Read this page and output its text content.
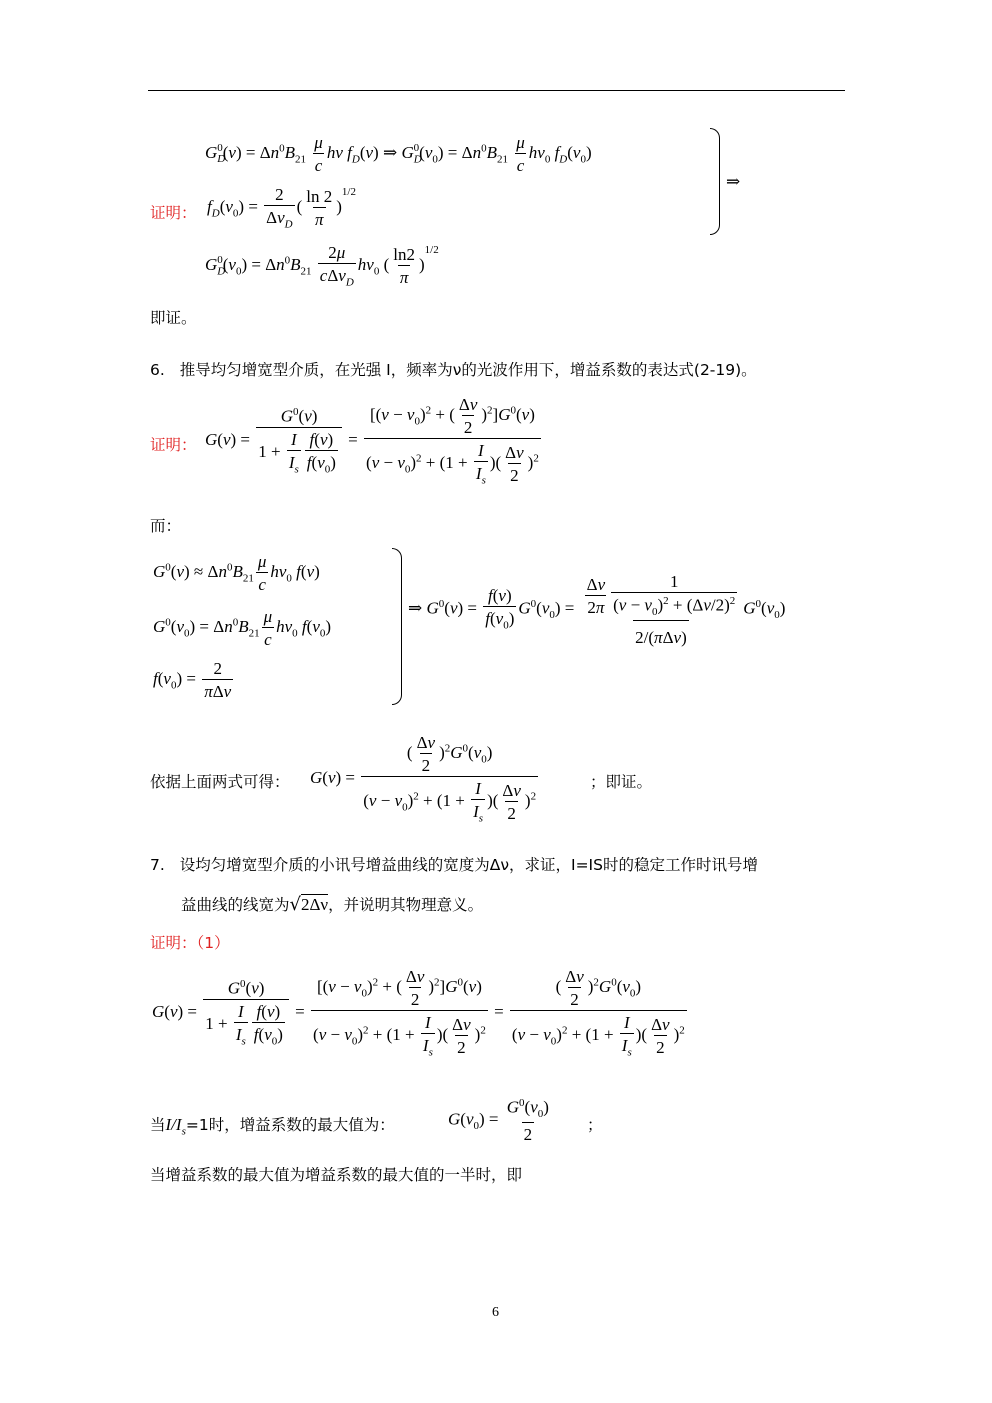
$G_D^0(\nu) = \Delta n^0B_{21} \frac{\mu}{c}$ hν $f_D(\nu)$ ⇒ $G_D^0(\nu_0) = \Delta n^0B_{21} \frac{\mu}{c} h\nu_0$ $f_D(\nu_0)$
证明： $f_D(\nu_0) = \frac{2}{\Delta\nu_D}$ ( $\frac{\ln 2}{\pi} )^{1/2}$
⇒
$G_D^0(\nu_0) = \Delta n^0B_{21} \frac{2\mu}{c\Delta\nu_D} h\nu_0$ ( $\frac{\ln 2}{\pi} )^{1/2}$
即证。
6. 推导均匀增宽型介质，在光强 I，频率为ν的光波作用下，增益系数的表达式(2-19)。
证明： $G(\nu) = \frac{G^0(\nu)}{1 + \frac{I}{I_s} \frac{f(\nu)}{f(\nu_0)}} = \frac{[(\nu - \nu_0)^2 + ( \frac{\Delta\nu}{2} )^2]G^0(\nu)}{(\nu - \nu_0)^2 + (1 + \frac{I}{I_s} )( \frac{\Delta\nu}{2} )^2}$
而：
$G^0(\nu) \approx \Delta n^0B_{21} \frac{\mu}{c} h\nu_0$ f(ν)
$G^0(\nu_0) = \Delta n^0B_{21} \frac{\mu}{c} h\nu_0$ $f(\nu_0)$
$f(\nu_0) = \frac{2}{\text{πΔν}}$
⇒ $G^0(\nu) = \frac{f(\nu)}{f(\nu_0)} G^0(\nu_0) = \frac{\frac{\Delta\nu}{2\pi} \frac{1}{(\nu - \nu_0)^2 + (\Delta\nu/2)^2}}{\text{2/(πΔν)}} G^0(\nu_0)$
依据上面两式可得： $G(\nu) = \frac{( \frac{\Delta\nu}{2} )^2G^0(\nu_0)}{(\nu - \nu_0)^2 + (1 + \frac{I}{I_s} )( \frac{\Delta\nu}{2} )^2}$	；即证。
7. 设均匀增宽型介质的小讯号增益曲线的宽度为Δν，求证，I=IS时的稳定工作时讯号增
益曲线的线宽为√2Δν，并说明其物理意义。
证明：（1）
$G(\nu) = \frac{G^0(\nu)}{1 + \frac{I}{I_s} \frac{f(\nu)}{f(\nu_0)}} = \frac{[(\nu - \nu_0)^2 + ( \frac{\Delta\nu}{2} )^2]G^0(\nu)}{(\nu - \nu_0)^2 + (1 + \frac{I}{I_s} )( \frac{\Delta\nu}{2} )^2} = \frac{( \frac{\Delta\nu}{2} )^2G^0(\nu_0)}{(\nu - \nu_0)^2 + (1 + \frac{I}{I_s} )( \frac{\Delta\nu}{2} )^2}$
当$I/I_s=1$时，增益系数的最大值为：	$G(\nu_0) = \frac{G^0(\nu_0)}{2}$ ；
当增益系数的最大值为增益系数的最大值的一半时，即
6
